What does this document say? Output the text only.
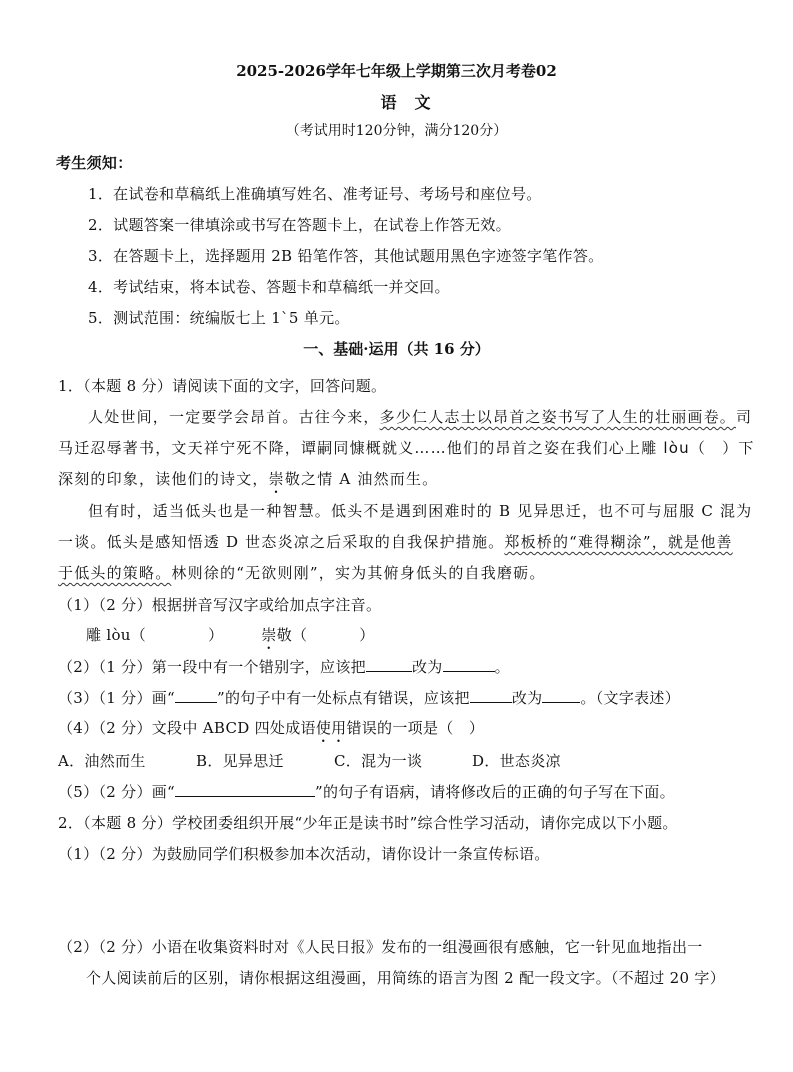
2025-2026学年七年级上学期第三次月考卷02
语文
（考试用时120分钟，满分120分）
考生须知：
1．在试卷和草稿纸上准确填写姓名、准考证号、考场号和座位号。
2．试题答案一律填涂或书写在答题卡上，在试卷上作答无效。
3．在答题卡上，选择题用 2B 铅笔作答，其他试题用黑色字迹签字笔作答。
4．考试结束，将本试卷、答题卡和草稿纸一并交回。
5．测试范围：统编版七上 1`5 单元。
一、基础·运用（共 16 分）
1．（本题 8 分）请阅读下面的文字，回答问题。
人处世间，一定要学会昂首。古往今来，多少仁人志士以昂首之姿书写了人生的壮丽画卷。司
马迁忍辱著书，文天祥宁死不降，谭嗣同慷概就义……他们的昂首之姿在我们心上雕 lòu（　）下
深刻的印象，读他们的诗文，崇敬之情 A 油然而生。
但有时，适当低头也是一种智慧。低头不是遇到困难时的 B 见异思迁，也不可与屈服 C 混为
一谈。低头是感知悟透 D 世态炎凉之后采取的自我保护措施。郑板桥的“难得糊涂”，就是他善
于低头的策略。林则徐的“无欲则刚”，实为其俯身低头的自我磨砺。
（1）（2 分）根据拼音写汉字或给加点字注音。
雕 lòu（	）	崇敬（	）
（2）（1 分）第一段中有一个错别字，应该把	改为	。
（3）（1 分）画“	”的句子中有一处标点有错误，应该把	改为	。（文字表述）
（4）（2 分）文段中 ABCD 四处成语使用错误的一项是（　）
A．油然而生	B．见异思迁	C．混为一谈	D．世态炎凉
（5）（2 分）画“	”的句子有语病，请将修改后的正确的句子写在下面。
2．（本题 8 分）学校团委组织开展“少年正是读书时”综合性学习活动，请你完成以下小题。
（1）（2 分）为鼓励同学们积极参加本次活动，请你设计一条宣传标语。
（2）（2 分）小语在收集资料时对《人民日报》发布的一组漫画很有感触，它一针见血地指出一
个人阅读前后的区别，请你根据这组漫画，用简练的语言为图 2 配一段文字。（不超过 20 字）
